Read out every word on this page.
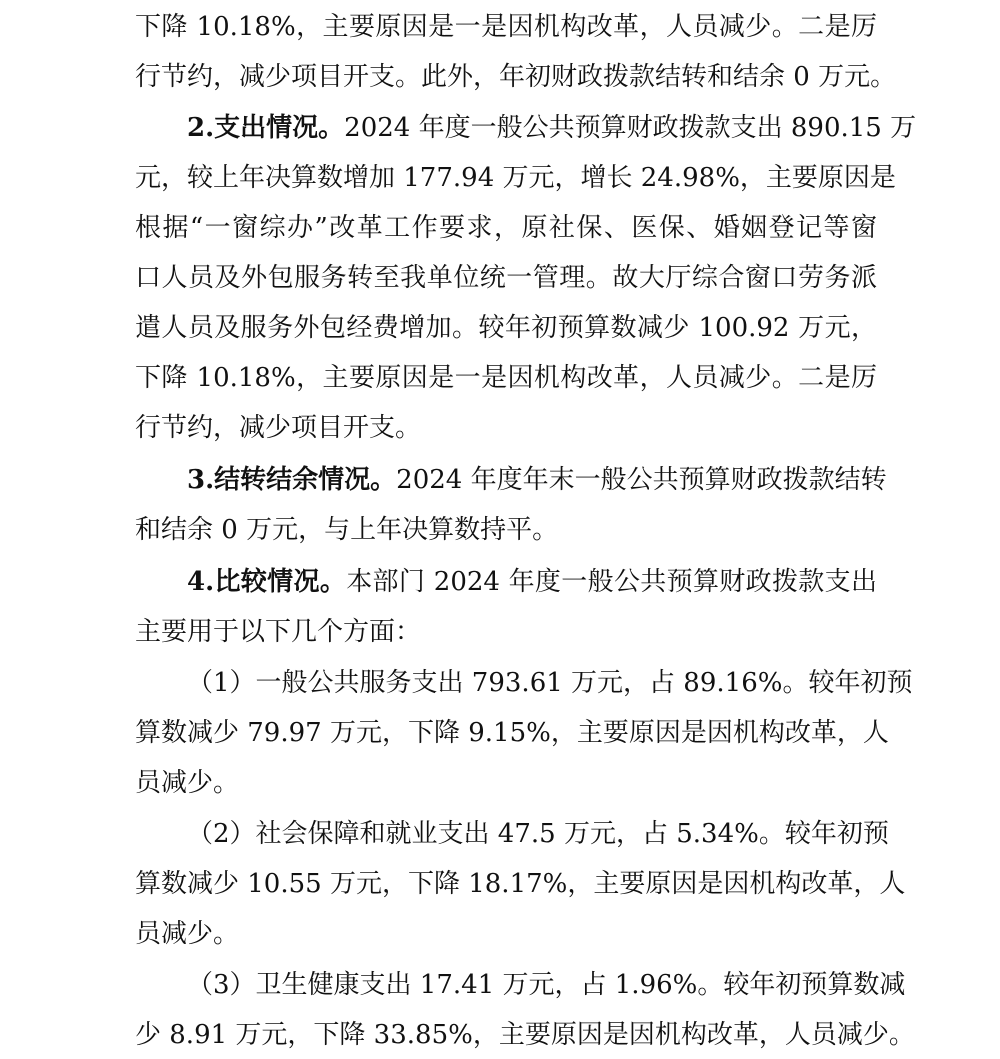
下降 10.18%，主要原因是一是因机构改革，人员减少。二是厉
行节约，减少项目开支。此外，年初财政拨款结转和结余 0 万元。
2.支出情况。2024 年度一般公共预算财政拨款支出 890.15 万
元，较上年决算数增加 177.94 万元，增长 24.98%，主要原因是
根据“一窗综办”改革工作要求，原社保、医保、婚姻登记等窗
口人员及外包服务转至我单位统一管理。故大厅综合窗口劳务派
遣人员及服务外包经费增加。较年初预算数减少 100.92 万元，
下降 10.18%，主要原因是一是因机构改革，人员减少。二是厉
行节约，减少项目开支。
3.结转结余情况。2024 年度年末一般公共预算财政拨款结转
和结余 0 万元，与上年决算数持平。
4.比较情况。本部门 2024 年度一般公共预算财政拨款支出
主要用于以下几个方面：
（1）一般公共服务支出 793.61 万元，占 89.16%。较年初预
算数减少 79.97 万元，下降 9.15%，主要原因是因机构改革，人
员减少。
（2）社会保障和就业支出 47.5 万元，占 5.34%。较年初预
算数减少 10.55 万元，下降 18.17%，主要原因是因机构改革，人
员减少。
（3）卫生健康支出 17.41 万元，占 1.96%。较年初预算数减
少 8.91 万元，下降 33.85%，主要原因是因机构改革，人员减少。
